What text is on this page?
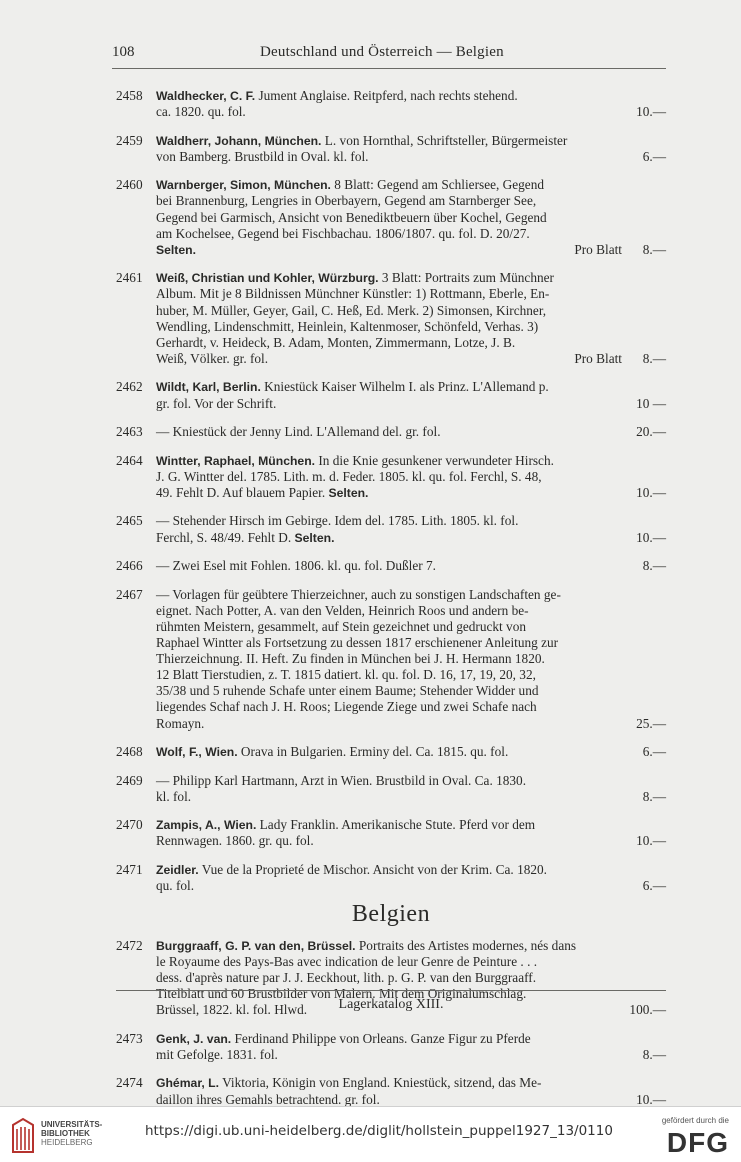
108	Deutschland und Österreich — Belgien
2458	Waldhecker, C. F. Jument Anglaise. Reitpferd, nach rechts stehend.
ca. 1820. qu. fol.	10.—
2459	Waldherr, Johann, München. L. von Hornthal, Schriftsteller, Bürgermeister
von Bamberg. Brustbild in Oval. kl. fol.	6.—
2460	Warnberger, Simon, München. 8 Blatt: Gegend am Schliersee, Gegend
bei Brannenburg, Lengries in Oberbayern, Gegend am Starnberger See,
Gegend bei Garmisch, Ansicht von Benediktbeuern über Kochel, Gegend
am Kochelsee, Gegend bei Fischbachau. 1806/1807. qu. fol. D. 20/27.
Selten.	Pro Blatt 8.—
2461	Weiß, Christian und Kohler, Würzburg. 3 Blatt: Portraits zum Münchner
Album. Mit je 8 Bildnissen Münchner Künstler: 1) Rottmann, Eberle, En-
huber, M. Müller, Geyer, Gail, C. Heß, Ed. Merk. 2) Simonsen, Kirchner,
Wendling, Lindenschmitt, Heinlein, Kaltenmoser, Schönfeld, Verhas. 3)
Gerhardt, v. Heideck, B. Adam, Monten, Zimmermann, Lotze, J. B.
Weiß, Völker. gr. fol.	Pro Blatt 8.—
2462	Wildt, Karl, Berlin. Kniestück Kaiser Wilhelm I. als Prinz. L'Allemand p.
gr. fol. Vor der Schrift.	10 —
2463	— Kniestück der Jenny Lind. L'Allemand del. gr. fol.	20.—
2464	Wintter, Raphael, München. In die Knie gesunkener verwundeter Hirsch.
J. G. Wintter del. 1785. Lith. m. d. Feder. 1805. kl. qu. fol. Ferchl, S. 48,
49. Fehlt D. Auf blauem Papier. Selten.	10.—
2465	— Stehender Hirsch im Gebirge. Idem del. 1785. Lith. 1805. kl. fol.
Ferchl, S. 48/49. Fehlt D. Selten.	10.—
2466	— Zwei Esel mit Fohlen. 1806. kl. qu. fol. Dußler 7.	8.—
2467	— Vorlagen für geübtere Thierzeichner, auch zu sonstigen Landschaften ge-
eignet. Nach Potter, A. van den Velden, Heinrich Roos und andern be-
rühmten Meistern, gesammelt, auf Stein gezeichnet und gedruckt von
Raphael Wintter als Fortsetzung zu dessen 1817 erschienener Anleitung zur
Thierzeichnung. II. Heft. Zu finden in München bei J. H. Hermann 1820.
12 Blatt Tierstudien, z. T. 1815 datiert. kl. qu. fol. D. 16, 17, 19, 20, 32,
35/38 und 5 ruhende Schafe unter einem Baume; Stehender Widder und
liegendes Schaf nach J. H. Roos; Liegende Ziege und zwei Schafe nach
Romayn.	25.—
2468	Wolf, F., Wien. Orava in Bulgarien. Erminy del. Ca. 1815. qu. fol.	6.—
2469	— Philipp Karl Hartmann, Arzt in Wien. Brustbild in Oval. Ca. 1830.
kl. fol.	8.—
2470	Zampis, A., Wien. Lady Franklin. Amerikanische Stute. Pferd vor dem
Rennwagen. 1860. gr. qu. fol.	10.—
2471	Zeidler. Vue de la Proprieté de Mischor. Ansicht von der Krim. Ca. 1820.
qu. fol.	6.—
Belgien
2472	Burggraaff, G. P. van den, Brüssel. Portraits des Artistes modernes, nés dans
le Royaume des Pays-Bas avec indication de leur Genre de Peinture . . .
dess. d'après nature par J. J. Eeckhout, lith. p. G. P. van den Burggraaff.
Titelblatt und 60 Brustbilder von Malern. Mit dem Originalumschlag.
Brüssel, 1822. kl. fol. Hlwd.	100.—
2473	Genk, J. van. Ferdinand Philippe von Orleans. Ganze Figur zu Pferde
mit Gefolge. 1831. fol.	8.—
2474	Ghémar, L. Viktoria, Königin von England. Kniestück, sitzend, das Me-
daillon ihres Gemahls betrachtend. gr. fol.	10.—
Lagerkatalog XIII.
UNIVERSITÄTS-
BIBLIOTHEK
HEIDELBERG
https://digi.ub.uni-heidelberg.de/diglit/hollstein_puppel1927_13/0110
gefördert durch die
DFG
